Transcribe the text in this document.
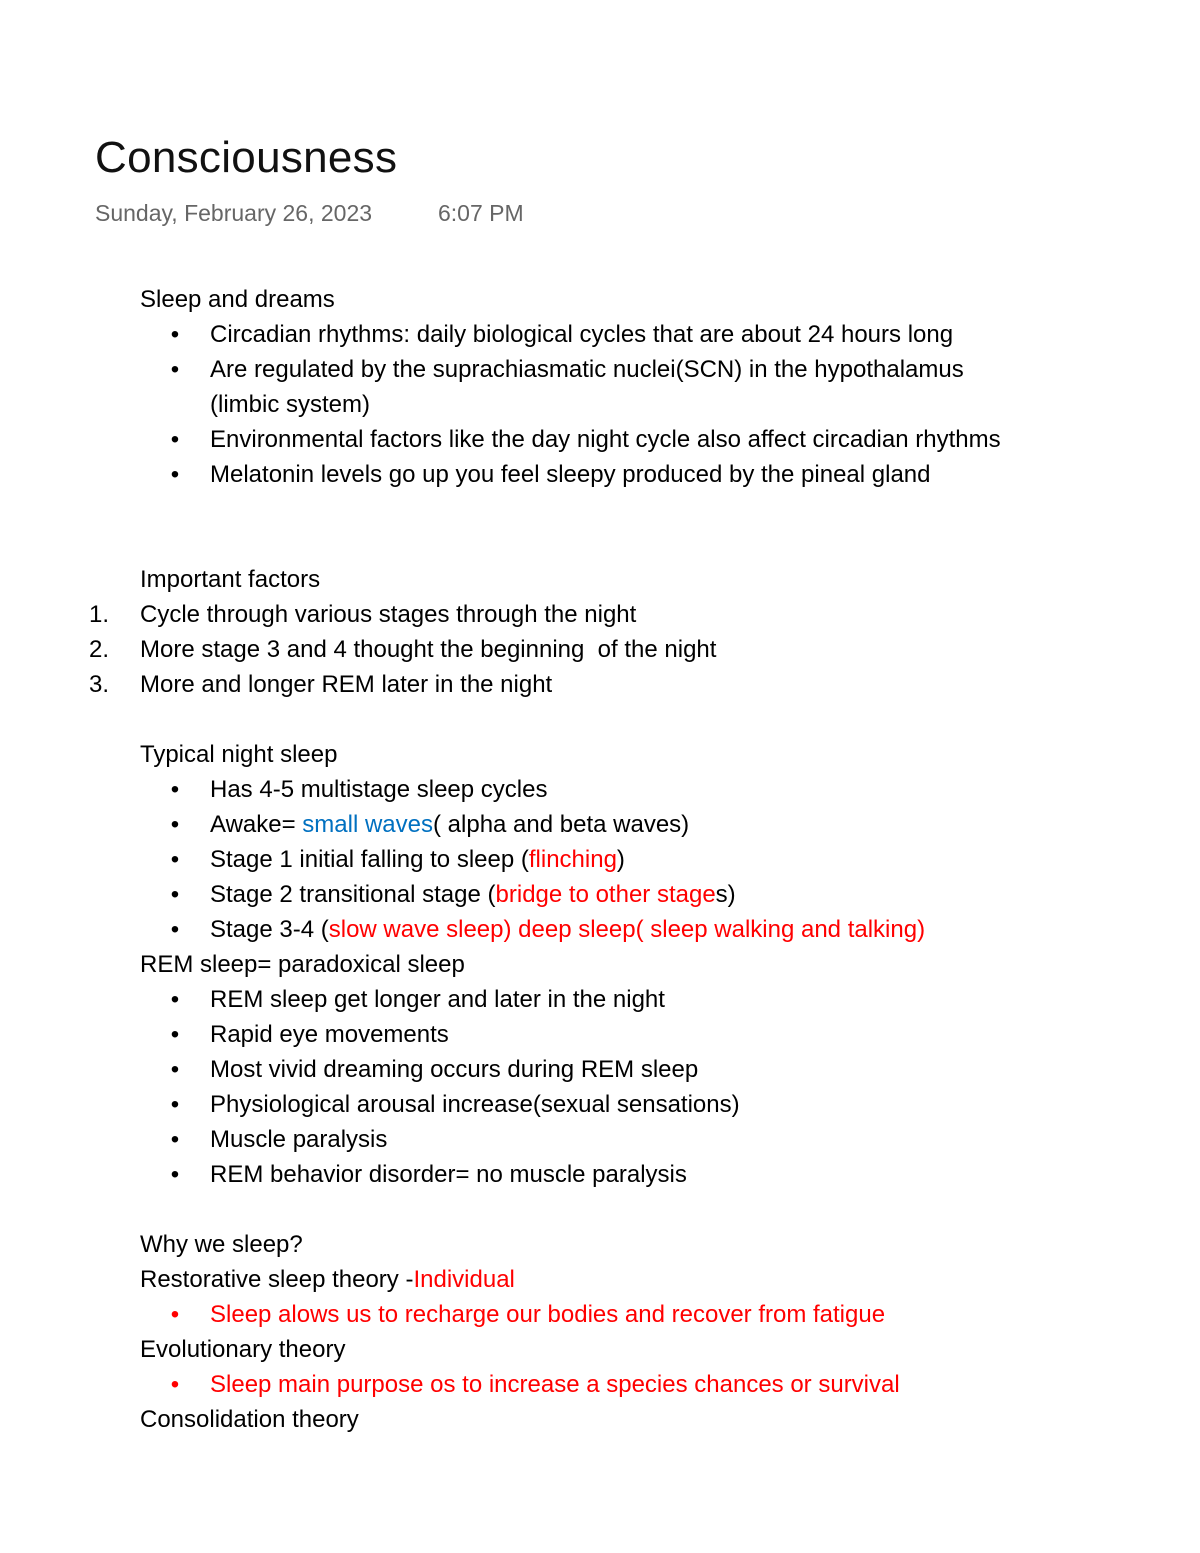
Consciousness
Sunday, February 26, 2023	6:07 PM
Sleep and dreams
• Circadian rhythms: daily biological cycles that are about 24 hours long
• Are regulated by the suprachiasmatic nuclei(SCN) in the hypothalamus
(limbic system)
• Environmental factors like the day night cycle also affect circadian rhythms
• Melatonin levels go up you feel sleepy produced by the pineal gland
Important factors
1. Cycle through various stages through the night
2. More stage 3 and 4 thought the beginning  of the night
3. More and longer REM later in the night
Typical night sleep
• Has 4-5 multistage sleep cycles
• Awake= small waves( alpha and beta waves)
• Stage 1 initial falling to sleep (flinching)
• Stage 2 transitional stage (bridge to other stages)
• Stage 3-4 (slow wave sleep) deep sleep( sleep walking and talking)
REM sleep= paradoxical sleep
• REM sleep get longer and later in the night
• Rapid eye movements
• Most vivid dreaming occurs during REM sleep
• Physiological arousal increase(sexual sensations)
• Muscle paralysis
• REM behavior disorder= no muscle paralysis
Why we sleep?
Restorative sleep theory -Individual
• Sleep alows us to recharge our bodies and recover from fatigue
Evolutionary theory
• Sleep main purpose os to increase a species chances or survival
Consolidation theory
